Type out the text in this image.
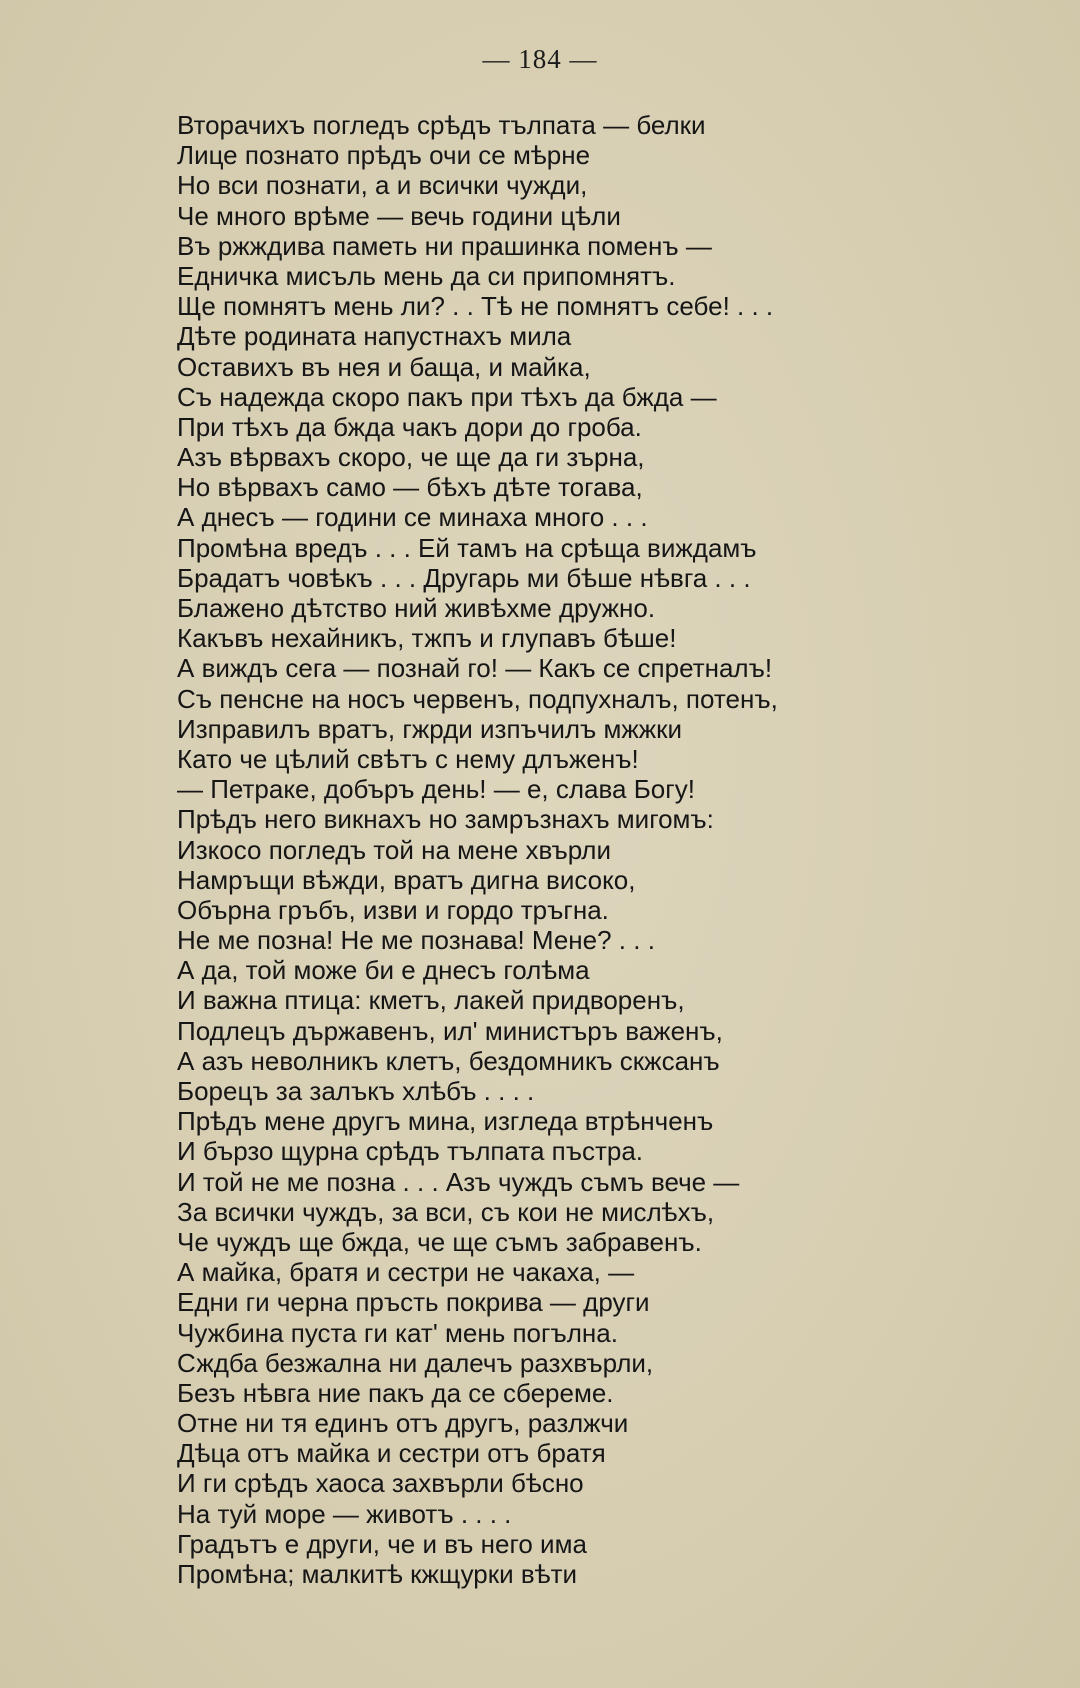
— 184 —
Вторачихъ погледъ срѣдъ тълпата — белки
Лице познато прѣдъ очи се мѣрне
Но вси познати, а и всички чужди,
Че много врѣме — вечь години цѣли
Въ ржждива паметь ни прашинка поменъ —
Едничка мисъль мень да си припомнятъ.
Ще помнятъ мень ли? . . Тѣ не помнятъ себе! . . .
Дѣте родината напустнахъ мила
Оставихъ въ нея и баща, и майка,
Съ надежда скоро пакъ при тѣхъ да бжда —
При тѣхъ да бжда чакъ дори до гроба.
Азъ вѣрвахъ скоро, че ще да ги зърна,
Но вѣрвахъ само — бѣхъ дѣте тогава,
А днесъ — години се минаха много . . .
Промѣна вредъ . . . Ей тамъ на срѣща виждамъ
Брадатъ човѣкъ . . . Другарь ми бѣше нѣвга . . .
Блажено дѣтство ний живѣхме дружно.
Какъвъ нехайникъ, тжпъ и глупавъ бѣше!
А виждъ сега — познай го! — Какъ се спретналъ!
Съ пенсне на носъ червенъ, подпухналъ, потенъ,
Изправилъ вратъ, гжрди изпъчилъ мжжки
Като че цѣлий свѣтъ с нему длъженъ!
— Петраке, добъръ день! — е, слава Богу!
Прѣдъ него викнахъ но замръзнахъ мигомъ:
Изкосо погледъ той на мене хвърли
Намръщи вѣжди, вратъ дигна високо,
Обърна гръбъ, изви и гордо тръгна.
Не ме позна! Не ме познава! Мене? . . .
А да, той може би е днесъ голѣма
И важна птица: кметъ, лакей придворенъ,
Подлецъ държавенъ, ил' министъръ важенъ,
А азъ неволникъ клетъ, бездомникъ скжсанъ
Борецъ за залъкъ хлѣбъ . . . .
Прѣдъ мене другъ мина, изгледа втрѣнченъ
И бързо щурна срѣдъ тълпата пъстра.
И той не ме позна . . . Азъ чуждъ съмъ вече —
За всички чуждъ, за вси, съ кои не мислѣхъ,
Че чуждъ ще бжда, че ще съмъ забравенъ.
А майка, братя и сестри не чакаха, —
Едни ги черна пръсть покрива — други
Чужбина пуста ги кат' мень погълна.
Сждба безжална ни далечъ разхвърли,
Безъ нѣвга ние пакъ да се сбереме.
Отне ни тя единъ отъ другъ, разлжчи
Дѣца отъ майка и сестри отъ братя
И ги срѣдъ хаоса захвърли бѣсно
На туй море — животъ . . . .
Градътъ е други, че и въ него има
Промѣна; малкитѣ кжщурки вѣти
